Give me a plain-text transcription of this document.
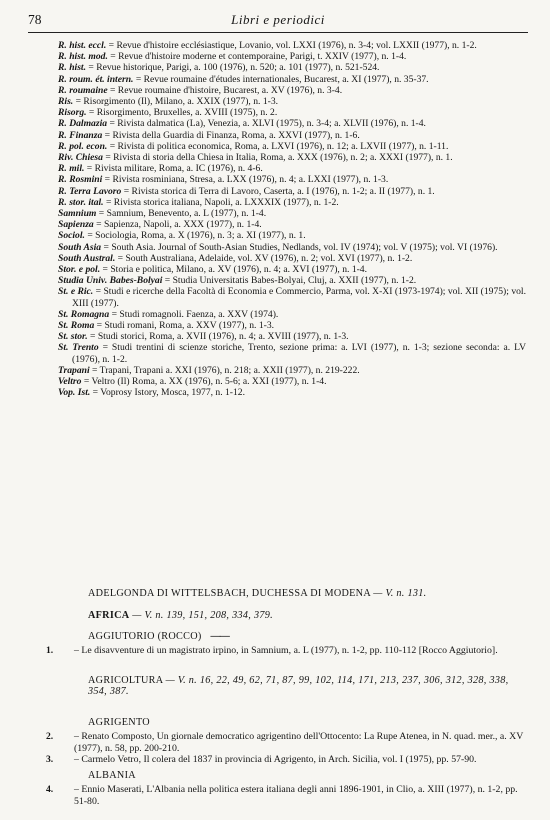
78	Libri e periodici
R. hist. eccl. = Revue d'histoire ecclésiastique, Lovanio, vol. LXXI (1976), n. 3-4; vol. LXXII (1977), n. 1-2.
R. hist. mod. = Revue d'histoire moderne et contemporaine, Parigi, t. XXIV (1977), n. 1-4.
R. hist. = Revue historique, Parigi, a. 100 (1976), n. 520; a. 101 (1977), n. 521-524.
R. roum. ét. intern. = Revue roumaine d'études internationales, Bucarest, a. XI (1977), n. 35-37.
R. roumaine = Revue roumaine d'histoire, Bucarest, a. XV (1976), n. 3-4.
Ris. = Risorgimento (Il), Milano, a. XXIX (1977), n. 1-3.
Risorg. = Risorgimento, Bruxelles, a. XVIII (1975), n. 2.
R. Dalmazia = Rivista dalmatica (La), Venezia, a. XLVI (1975), n. 3-4; a. XLVII (1976), n. 1-4.
R. Finanza = Rivista della Guardia di Finanza, Roma, a. XXVI (1977), n. 1-6.
R. pol. econ. = Rivista di politica economica, Roma, a. LXVI (1976), n. 12; a. LXVII (1977), n. 1-11.
Riv. Chiesa = Rivista di storia della Chiesa in Italia, Roma, a. XXX (1976), n. 2; a. XXXI (1977), n. 1.
R. mil. = Rivista militare, Roma, a. IC (1976), n. 4-6.
R. Rosmini = Rivista rosminiana, Stresa, a. LXX (1976), n. 4; a. LXXI (1977), n. 1-3.
R. Terra Lavoro = Rivista storica di Terra di Lavoro, Caserta, a. I (1976), n. 1-2; a. II (1977), n. 1.
R. stor. ital. = Rivista storica italiana, Napoli, a. LXXXIX (1977), n. 1-2.
Samnium = Samnium, Benevento, a. L (1977), n. 1-4.
Sapienza = Sapienza, Napoli, a. XXX (1977), n. 1-4.
Sociol. = Sociologia, Roma, a. X (1976), n. 3; a. XI (1977), n. 1.
South Asia = South Asia. Journal of South-Asian Studies, Nedlands, vol. IV (1974); vol. V (1975); vol. VI (1976).
South Austral. = South Australiana, Adelaide, vol. XV (1976), n. 2; vol. XVI (1977), n. 1-2.
Stor. e pol. = Storia e politica, Milano, a. XV (1976), n. 4; a. XVI (1977), n. 1-4.
Studia Univ. Babes-Bolyai = Studia Universitatis Babes-Bolyai, Cluj, a. XXII (1977), n. 1-2.
St. e Ric. = Studi e ricerche della Facoltà di Economia e Commercio, Parma, vol. X-XI (1973-1974); vol. XII (1975); vol. XIII (1977).
St. Romagna = Studi romagnoli. Faenza, a. XXV (1974).
St. Roma = Studi romani, Roma, a. XXV (1977), n. 1-3.
St. stor. = Studi storici, Roma, a. XVII (1976), n. 4; a. XVIII (1977), n. 1-3.
St. Trento = Studi trentini di scienze storiche, Trento, sezione prima: a. LVI (1977), n. 1-3; sezione seconda: a. LV (1976), n. 1-2.
Trapani = Trapani, Trapani a. XXI (1976), n. 218; a. XXII (1977), n. 219-222.
Veltro = Veltro (Il) Roma, a. XX (1976), n. 5-6; a. XXI (1977), n. 1-4.
Vop. Ist. = Voprosy Istory, Mosca, 1977, n. 1-12.
ADELGONDA DI WITTELSBACH, DUCHESSA DI MODENA — V. n. 131.
AFRICA — V. n. 139, 151, 208, 334, 379.
AGGIUTORIO (ROCCO) ——
1. – Le disavventure di un magistrato irpino, in Samnium, a. L (1977), n. 1-2, pp. 110-112 [Rocco Aggiutorio].
AGRICOLTURA — V. n. 16, 22, 49, 62, 71, 87, 99, 102, 114, 171, 213, 237, 306, 312, 328, 338, 354, 387.
AGRIGENTO
2. – Renato Composto, Un giornale democratico agrigentino dell'Ottocento: La Rupe Atenea, in N. quad. mer., a. XV (1977), n. 58, pp. 200-210.
3. – Carmelo Vetro, Il colera del 1837 in provincia di Agrigento, in Arch. Sicilia, vol. I (1975), pp. 57-90.
ALBANIA
4. – Ennio Maserati, L'Albania nella politica estera italiana degli anni 1896-1901, in Clio, a. XIII (1977), n. 1-2, pp. 51-80.
